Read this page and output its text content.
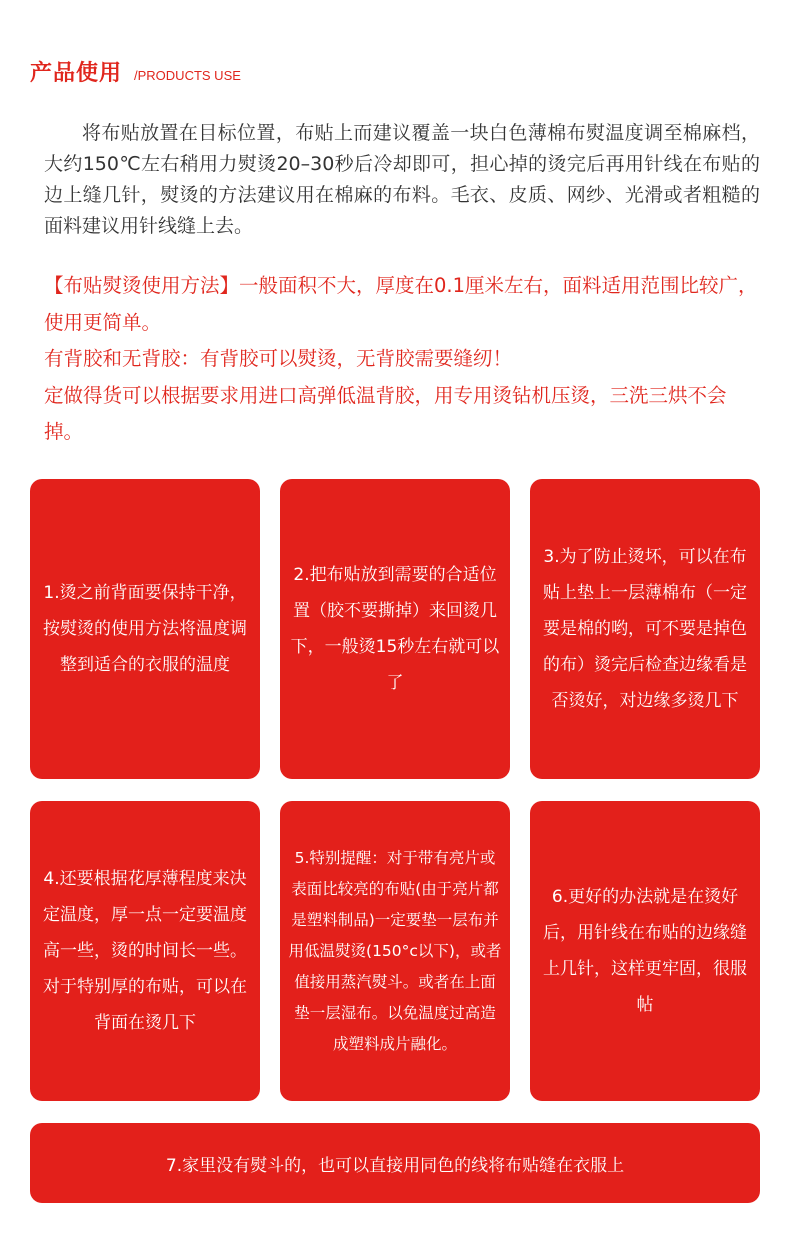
产品使用 /PRODUCTS USE
将布贴放置在目标位置，布贴上而建议覆盖一块白色薄棉布熨温度调至棉麻档，大约150℃左右稍用力熨烫20–30秒后冷却即可，担心掉的烫完后再用针线在布贴的边上缝几针，熨烫的方法建议用在棉麻的布料。毛衣、皮质、网纱、光滑或者粗糙的面料建议用针线缝上去。

【布贴熨烫使用方法】一般面积不大，厚度在0.1厘米左右，面料适用范围比较广，使用更简单。

有背胶和无背胶：有背胶可以熨烫，无背胶需要缝纫！

定做得货可以根据要求用进口高弹低温背胶，用专用烫钻机压烫，三洗三烘不会掉。

1.烫之前背面要保持干净，按熨烫的使用方法将温度调整到适合的衣服的温度
2.把布贴放到需要的合适位置（胶不要撕掉）来回烫几下，一般烫15秒左右就可以了
3.为了防止烫坏，可以在布贴上垫上一层薄棉布（一定要是棉的哟，可不要是掉色的布）烫完后检查边缘看是否烫好，对边缘多烫几下
4.还要根据花厚薄程度来决定温度，厚一点一定要温度高一些，烫的时间长一些。对于特别厚的布贴，可以在背面在烫几下
5.特别提醒：对于带有亮片或表面比较亮的布贴(由于亮片都是塑料制品)一定要垫一层布并用低温熨烫(150°c以下)，或者值接用蒸汽熨斗。或者在上面垫一层湿布。以免温度过高造成塑料成片融化。
6.更好的办法就是在烫好后，用针线在布贴的边缘缝上几针，这样更牢固，很服帖
7.家里没有熨斗的，也可以直接用同色的线将布贴缝在衣服上
